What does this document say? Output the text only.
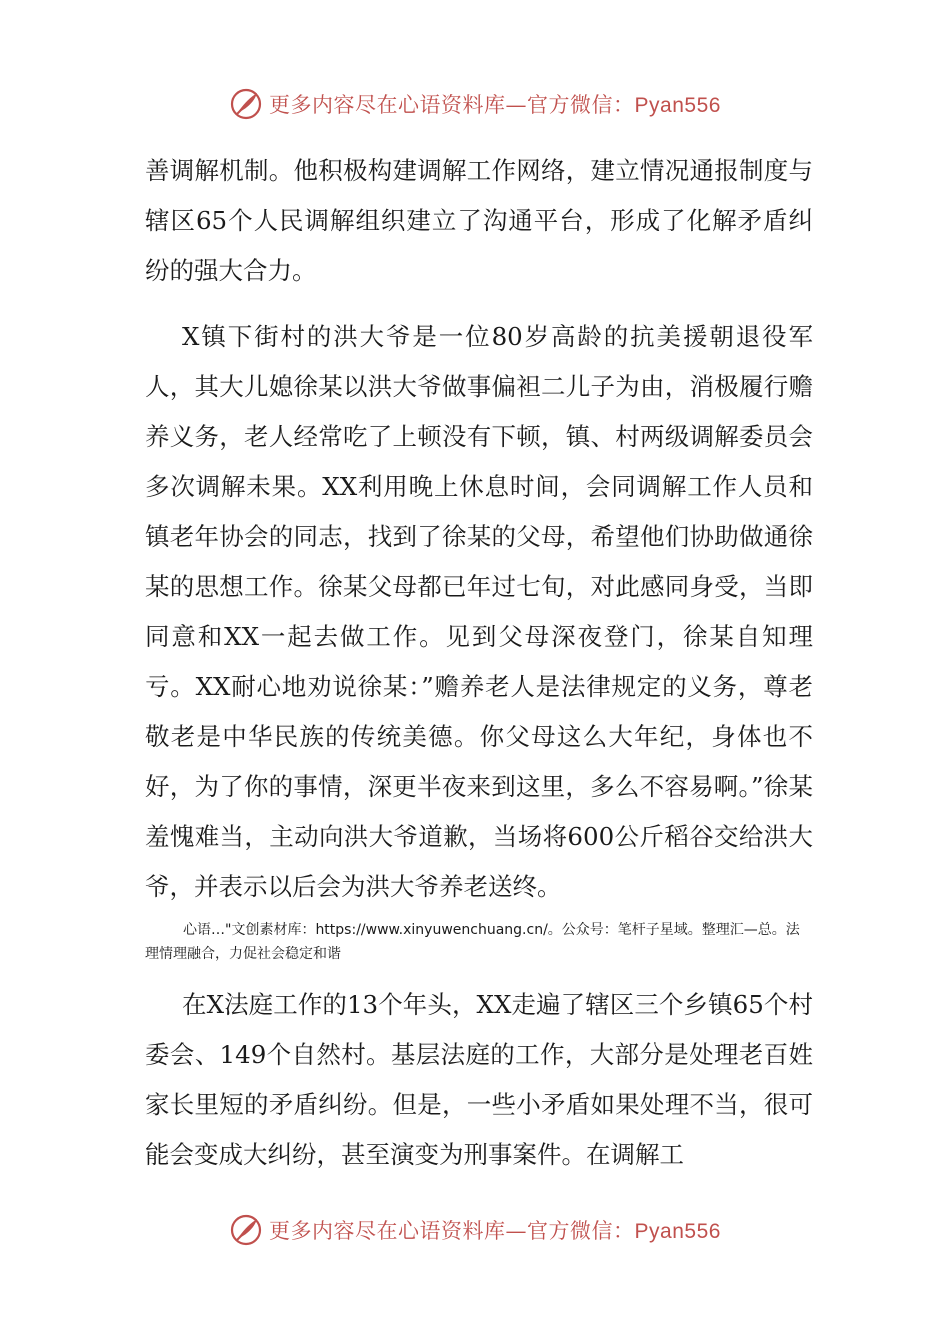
更多内容尽在心语资料库—官方微信：Pyan556

善调解机制。他积极构建调解工作网络，建立情况通报制度与辖区65个人民调解组织建立了沟通平台，形成了化解矛盾纠纷的强大合力。

X镇下街村的洪大爷是一位80岁高龄的抗美援朝退役军人，其大儿媳徐某以洪大爷做事偏袒二儿子为由，消极履行赡养义务，老人经常吃了上顿没有下顿，镇、村两级调解委员会多次调解未果。XX利用晚上休息时间，会同调解工作人员和镇老年协会的同志，找到了徐某的父母，希望他们协助做通徐某的思想工作。徐某父母都已年过七旬，对此感同身受，当即同意和XX一起去做工作。见到父母深夜登门，徐某自知理亏。XX耐心地劝说徐某：”赡养老人是法律规定的义务，尊老敬老是中华民族的传统美德。你父母这么大年纪，身体也不好，为了你的事情，深更半夜来到这里，多么不容易啊。”徐某羞愧难当，主动向洪大爷道歉，当场将600公斤稻谷交给洪大爷，并表示以后会为洪大爷养老送终。

心语…"文创素材库：https://www.xinyuwenchuang.cn/。公众号：笔杆子星域。整理汇—总。法理情理融合，力促社会稳定和谐

在X法庭工作的13个年头，XX走遍了辖区三个乡镇65个村委会、149个自然村。基层法庭的工作，大部分是处理老百姓家长里短的矛盾纠纷。但是，一些小矛盾如果处理不当，很可能会变成大纠纷，甚至演变为刑事案件。在调解工

更多内容尽在心语资料库—官方微信：Pyan556
